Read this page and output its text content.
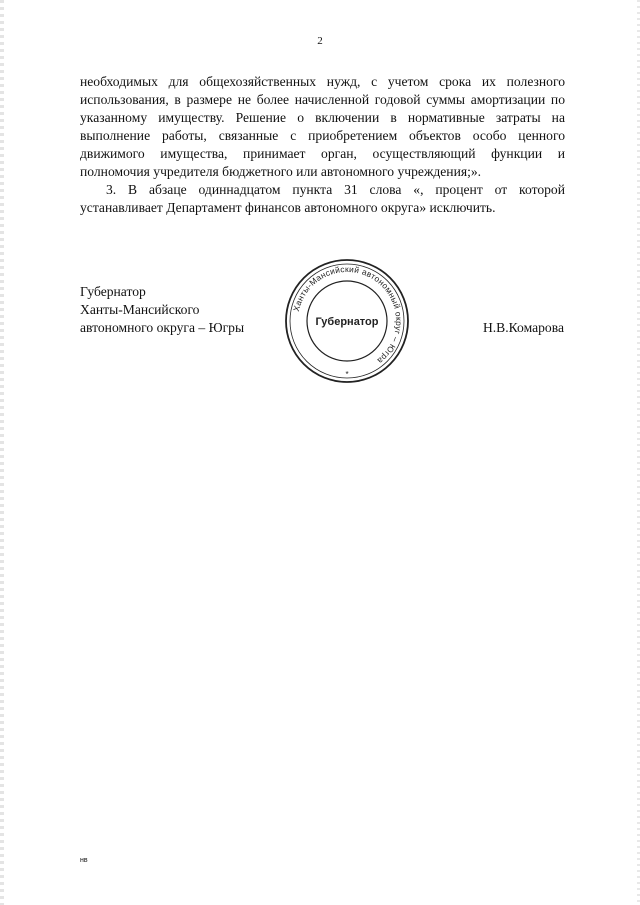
2

необходимых для общехозяйственных нужд, с учетом срока их полезного использования, в размере не более начисленной годовой суммы амортизации по указанному имуществу. Решение о включении в нормативные затраты на выполнение работы, связанные с приобретением объектов особо ценного движимого имущества, принимает орган, осуществляющий функции и полномочия учредителя бюджетного или автономного учреждения;».

3. В абзаце одиннадцатом пункта 31 слова «, процент от которой устанавливает Департамент финансов автономного округа» исключить.

Губернатор
Ханты-Мансийского
автономного округа – Югры
Ханты-Мансийский автономный округ – Югра
Губернатор
*
Н.В.Комарова
нв
